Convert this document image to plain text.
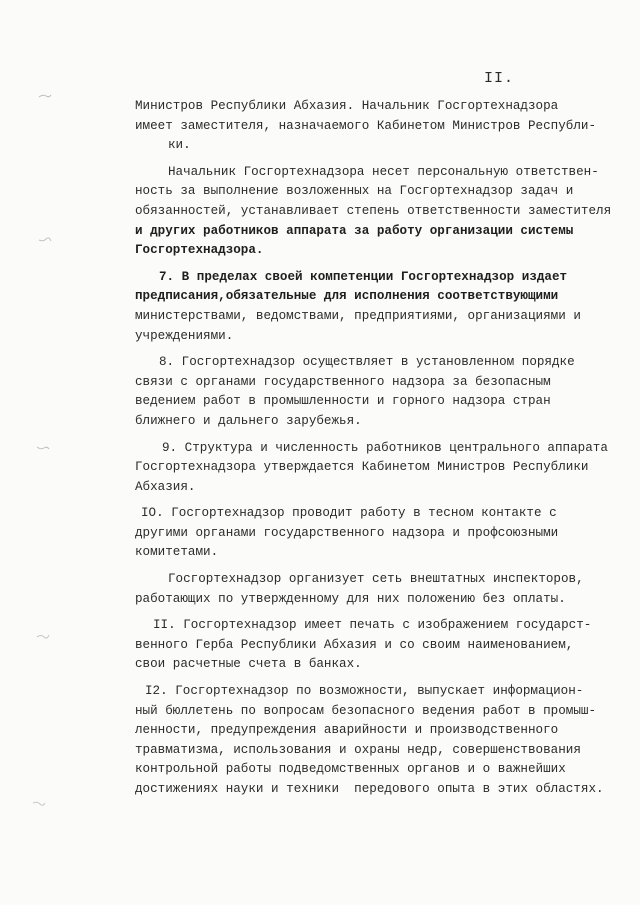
II.
Министров Республики Абхазия. Начальник Госгортехнадзора
имеет заместителя, назначаемого Кабинетом Министров Республи-
ки.
Начальник Госгортехнадзора несет персональную ответствен-
ность за выполнение возложенных на Госгортехнадзор задач и
обязанностей, устанавливает степень ответственности заместителя
и других работников аппарата за работу организации системы
Госгортехнадзора.
7. В пределах своей компетенции Госгортехнадзор издает
предписания,обязательные для исполнения соответствующими
министерствами, ведомствами, предприятиями, организациями и
учреждениями.
8. Госгортехнадзор осуществляет в установленном порядке
связи с органами государственного надзора за безопасным
ведением работ в промышленности и горного надзора стран
ближнего и дальнего зарубежья.
9. Структура и численность работников центрального аппарата
Госгортехнадзора утверждается Кабинетом Министров Республики
Абхазия.
IO. Госгортехнадзор проводит работу в тесном контакте с
другими органами государственного надзора и профсоюзными
комитетами.
Госгортехнадзор организует сеть внештатных инспекторов,
работающих по утвержденному для них положению без оплаты.
II. Госгортехнадзор имеет печать с изображением государст-
венного Герба Республики Абхазия и со своим наименованием,
свои расчетные счета в банках.
I2. Госгортехнадзор по возможности, выпускает информацион-
ный бюллетень по вопросам безопасного ведения работ в промыш-
ленности, предупреждения аварийности и производственного
травматизма, использования и охраны недр, совершенствования
контрольной работы подведомственных органов и о важнейших
достижениях науки и техники  передового опыта в этих областях.
